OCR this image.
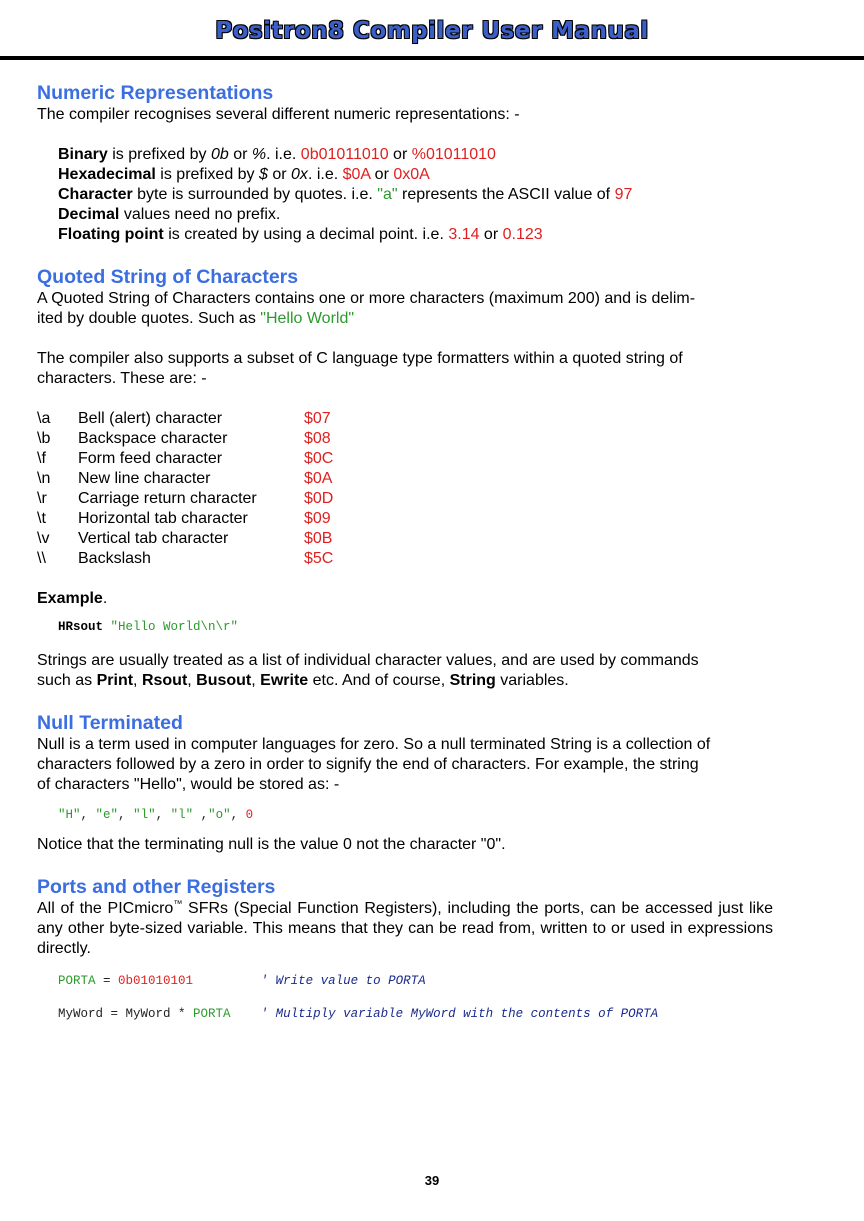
Positron8 Compiler User Manual
Numeric Representations

The compiler recognises several different numeric representations: -

Binary is prefixed by 0b or %. i.e. 0b01011010 or %01011010

Hexadecimal is prefixed by $ or 0x. i.e. $0A or 0x0A

Character byte is surrounded by quotes. i.e. "a" represents the ASCII value of 97

Decimal values need no prefix.

Floating point is created by using a decimal point. i.e. 3.14 or 0.123

Quoted String of Characters

A Quoted String of Characters contains one or more characters (maximum 200) and is delim-

ited by double quotes. Such as "Hello World"

The compiler also supports a subset of C language type formatters within a quoted string of

characters. These are: -

\a	Bell (alert) character	$07
\b	Backspace character	$08
\f	Form feed character	$0C
\n	New line character	$0A
\r	Carriage return character	$0D
\t	Horizontal tab character	$09
\v	Vertical tab character	$0B
\\	Backslash	$5C

Example.

HRsout "Hello World\n\r"

Strings are usually treated as a list of individual character values, and are used by commands

such as Print, Rsout, Busout, Ewrite etc. And of course, String variables.

Null Terminated

Null is a term used in computer languages for zero. So a null terminated String is a collection of

characters followed by a zero in order to signify the end of characters. For example, the string

of characters "Hello", would be stored as: -

"H", "e", "l", "l" ,"o", 0

Notice that the terminating null is the value 0 not the character "0".

Ports and other Registers

All of the PICmicro™ SFRs (Special Function Registers), including the ports, can be accessed just like any other byte-sized variable. This means that they can be read from, written to or used in expressions directly.

PORTA = 0b01010101	' Write value to PORTA
MyWord = MyWord * PORTA ' Multiply variable MyWord with the contents of PORTA
39
